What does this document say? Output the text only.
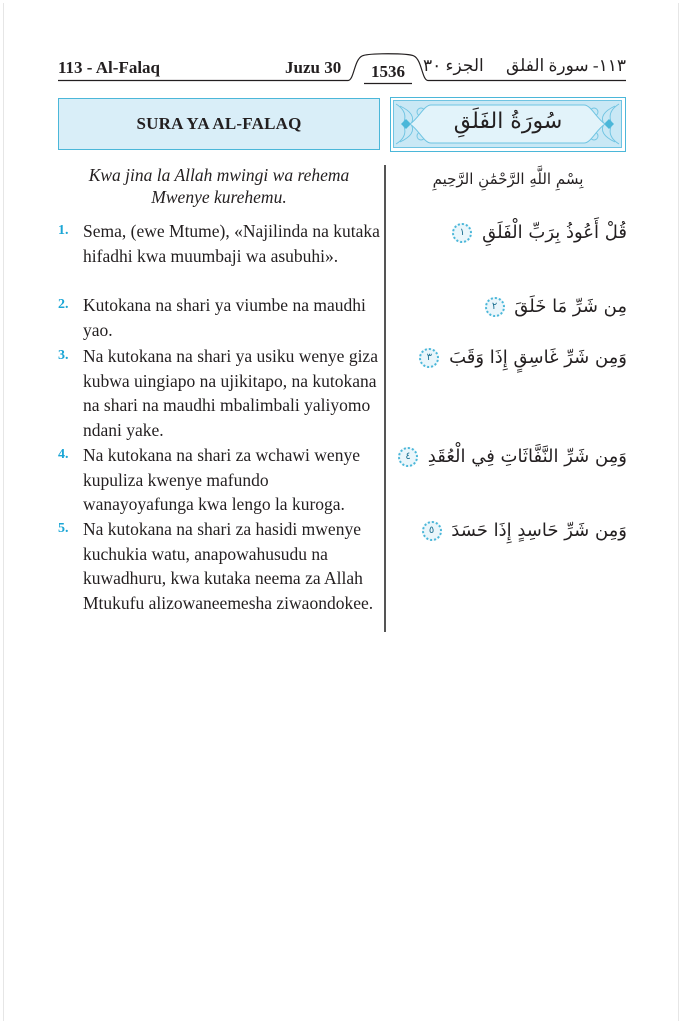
113 - Al-Falaq	Juzu 30	1536	الجزء ٣٠ ١١٣- سورة الفلق
SURA YA AL-FALAQ	سُورَةُ الفَلَقِ
Kwa jina la Allah mwingi wa rehema Mwenye kurehemu.
بِسْمِ اللَّهِ الرَّحْمَٰنِ الرَّحِيمِ
1. Sema, (ewe Mtume), «Najilinda na kutaka hifadhi kwa muumbaji wa asubuhi».
2. Kutokana na shari ya viumbe na maudhi yao.
3. Na kutokana na shari ya usiku wenye giza kubwa uingiapo na ujikitapo, na kutokana na shari na maudhi mbalimbali yaliyomo ndani yake.
4. Na kutokana na shari za wchawi wenye kupuliza kwenye mafundo wanayoyafunga kwa lengo la kuroga.
5. Na kutokana na shari za hasidi mwenye kuchukia watu, anapowahusudu na kuwadhuru, kwa kutaka neema za Allah Mtukufu alizowaneemesha ziwaondokee.
قُلْ أَعُوذُ بِرَبِّ الْفَلَقِ ١
مِن شَرِّ مَا خَلَقَ ٢
وَمِن شَرِّ غَاسِقٍ إِذَا وَقَبَ ٣
وَمِن شَرِّ النَّفَّاثَاتِ فِي الْعُقَدِ ٤
وَمِن شَرِّ حَاسِدٍ إِذَا حَسَدَ ٥
